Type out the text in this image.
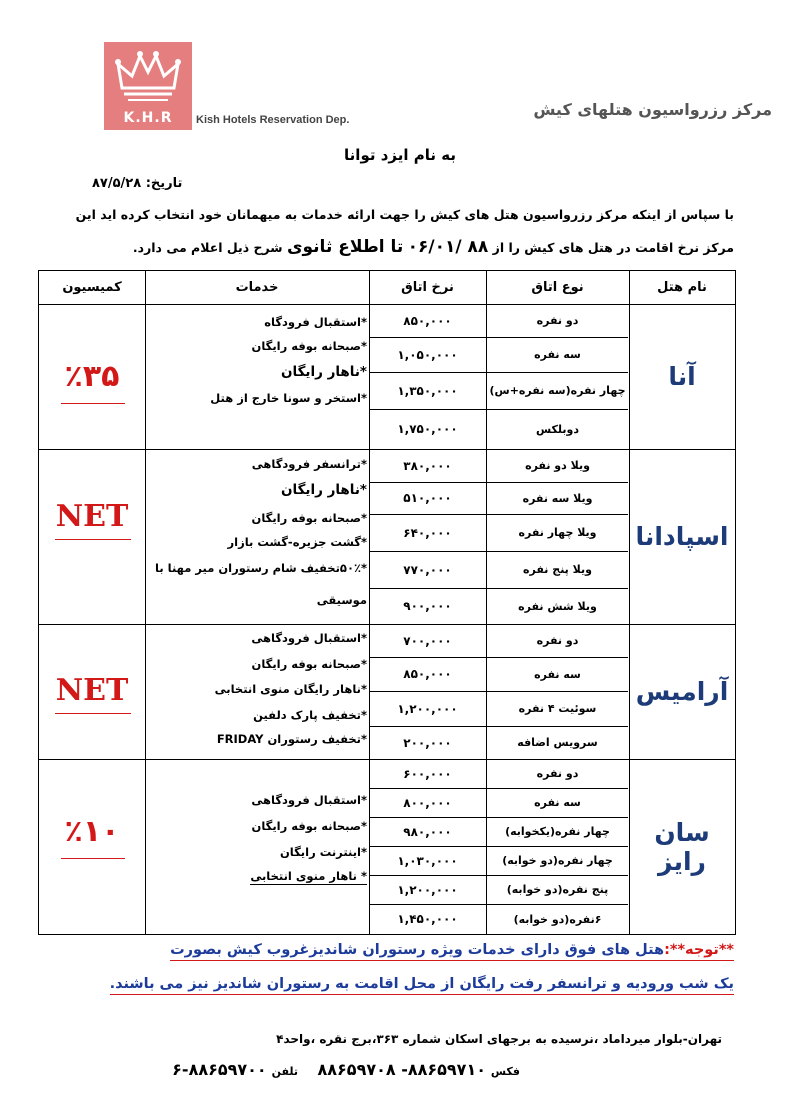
K.H.R	Kish Hotels Reservation Dep.
مرکز رزرواسیون هتلهای کیش
به نام ایزد توانا
تاریخ: ۸۷/۵/۲۸
با سپاس از اینکه مرکز رزرواسیون هتل های کیش را جهت ارائه خدمات به میهمانان خود انتخاب کرده اید این
مرکز نرخ اقامت در هتل های کیش را از ۸۸ /۰۶/۰۱ تا اطلاع ثانوی شرح ذیل اعلام می دارد.
نام هتل
نوع اتاق
نرخ اتاق
خدمات
کمیسیون
آنا
دو نفره
سه نفره
چهار نفره(سه نفره+س)
دوبلکس
۸۵۰,۰۰۰
۱,۰۵۰,۰۰۰
۱,۳۵۰,۰۰۰
۱,۷۵۰,۰۰۰
*استقبال فرودگاه
*صبحانه بوفه رایگان
*ناهار رایگان
*استخر و سونا خارج از هتل
٪۳۵
اسپادانا
ویلا دو نفره
ویلا سه نفره
ویلا چهار نفره
ویلا پنج نفره
ویلا شش نفره
۳۸۰,۰۰۰
۵۱۰,۰۰۰
۶۴۰,۰۰۰
۷۷۰,۰۰۰
۹۰۰,۰۰۰
*ترانسفر فرودگاهی
*ناهار رایگان
*صبحانه بوفه رایگان
*گشت جزیره-گشت بازار
*۵۰٪تخفیف شام رستوران میر مهنا با
موسیقی
NET
آرامیس
دو نفره
سه نفره
سوئیت ۴ نفره
سرویس اضافه
۷۰۰,۰۰۰
۸۵۰,۰۰۰
۱,۲۰۰,۰۰۰
۲۰۰,۰۰۰
*استقبال فرودگاهی
*صبحانه بوفه رایگان
*ناهار رایگان منوی انتخابی
*تخفیف پارک دلفین
*تخفیف رستوران FRIDAY
NET
سان رایز
دو نفره
سه نفره
چهار نفره(یکخوابه)
چهار نفره(دو خوابه)
پنج نفره(دو خوابه)
۶نفره(دو خوابه)
۶۰۰,۰۰۰
۸۰۰,۰۰۰
۹۸۰,۰۰۰
۱,۰۳۰,۰۰۰
۱,۲۰۰,۰۰۰
۱,۴۵۰,۰۰۰
*استقبال فرودگاهی
*صبحانه بوفه رایگان
*اینترنت رایگان
* ناهار منوی انتخابی
٪۱۰
**توجه**:هتل های فوق دارای خدمات ویژه رستوران شاندیزغروب کیش بصورت
یک شب ورودیه و ترانسفر رفت رایگان از محل اقامت به رستوران شاندیز نیز می باشند.
تهران-بلوار میرداماد ،نرسیده به برجهای اسکان شماره ۳۶۳،برج نقره ،واحد۴
فکس ۸۸۶۵۹۷۱۰- ۸۸۶۵۹۷۰۸    تلفن ۸۸۶۵۹۷۰۰-۶
